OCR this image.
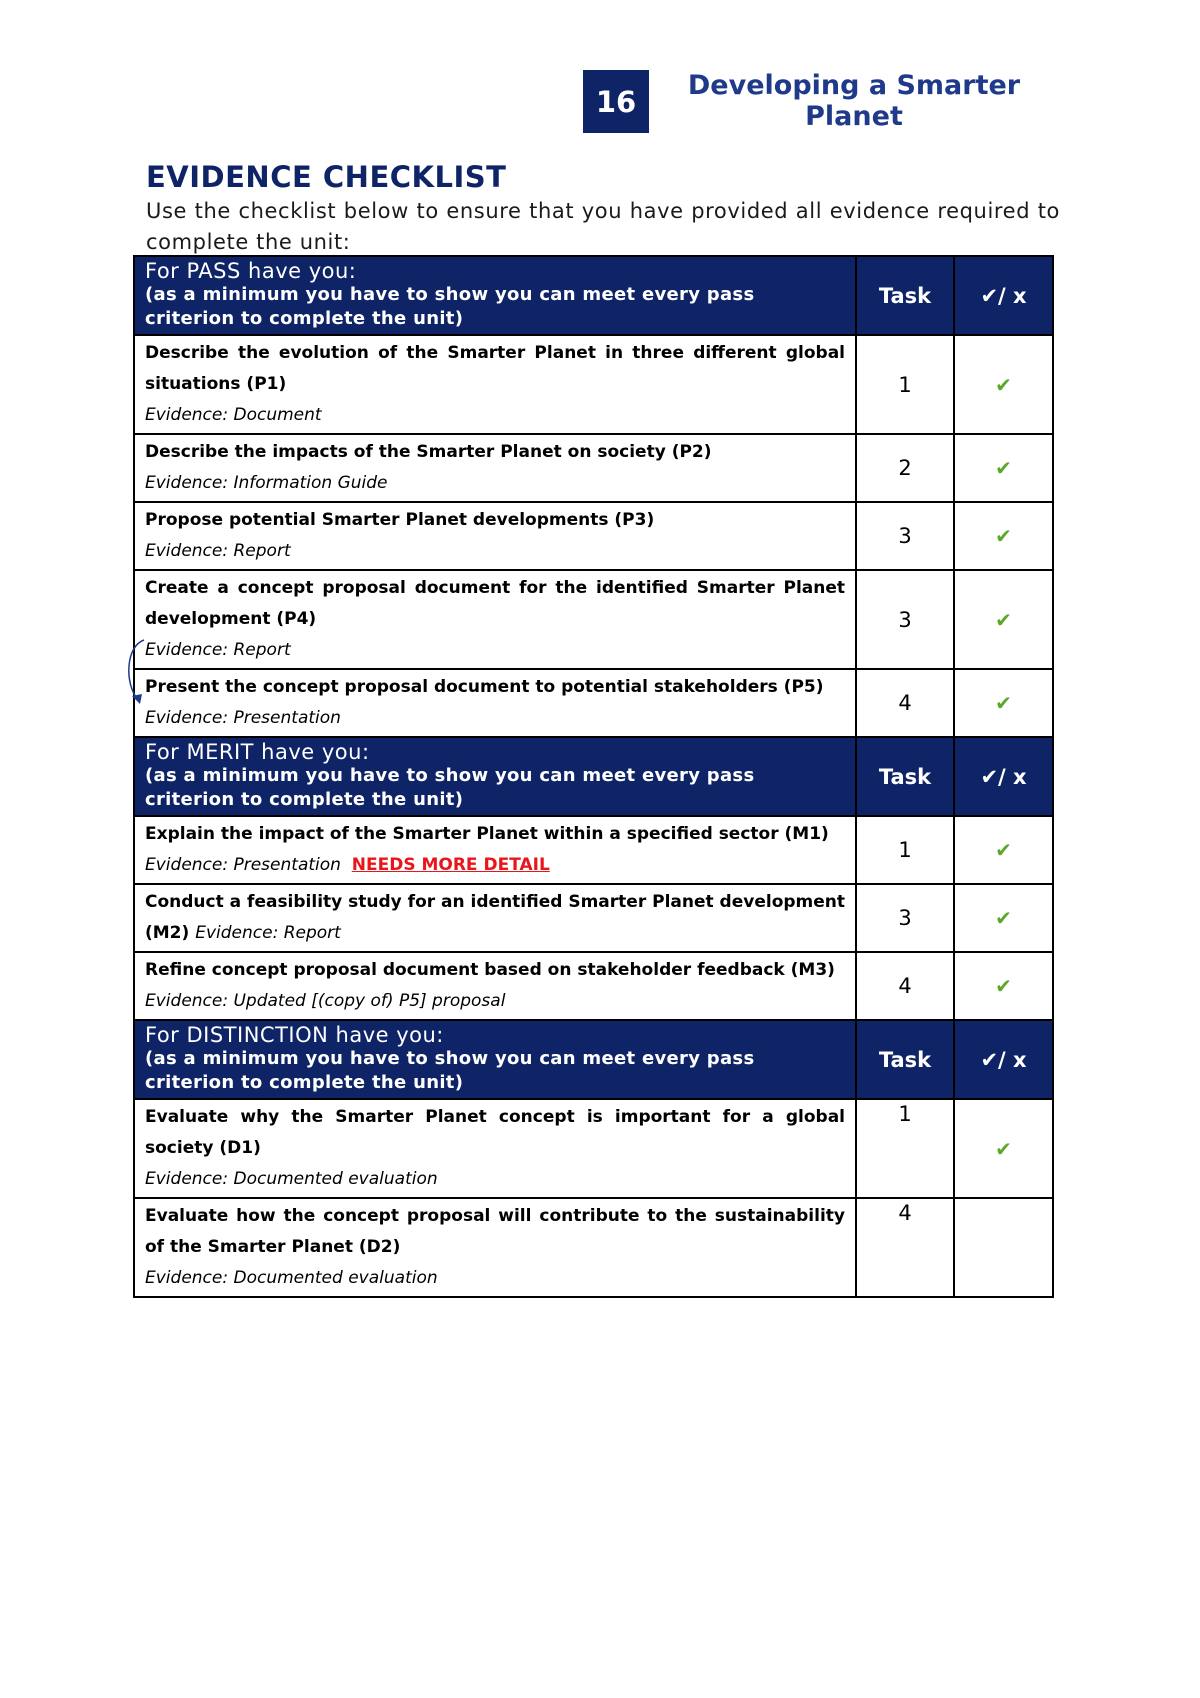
16	Developing a Smarter Planet
EVIDENCE CHECKLIST
Use the checklist below to ensure that you have provided all evidence required to complete the unit:
For PASS have you:
(as a minimum you have to show you can meet every pass criterion to complete the unit)	Task	✔/ x

Describe the evolution of the Smarter Planet in three different global situations (P1)
Evidence: Document	1	✔

Describe the impacts of the Smarter Planet on society (P2)
Evidence: Information Guide	2	✔

Propose potential Smarter Planet developments (P3)
Evidence: Report	3	✔

Create a concept proposal document for the identified Smarter Planet development (P4)
Evidence: Report	3	✔

Present the concept proposal document to potential stakeholders (P5)
Evidence: Presentation	4	✔

For MERIT have you:
(as a minimum you have to show you can meet every pass criterion to complete the unit)	Task	✔/ x

Explain the impact of the Smarter Planet within a specified sector (M1)
Evidence: Presentation NEEDS MORE DETAIL	1	✔

Conduct a feasibility study for an identified Smarter Planet development (M2) Evidence: Report	3	✔

Refine concept proposal document based on stakeholder feedback (M3)
Evidence: Updated [(copy of) P5] proposal	4	✔

For DISTINCTION have you:
(as a minimum you have to show you can meet every pass criterion to complete the unit)	Task	✔/ x

Evaluate why the Smarter Planet concept is important for a global society (D1)
Evidence: Documented evaluation	1	✔

Evaluate how the concept proposal will contribute to the sustainability of the Smarter Planet (D2)
Evidence: Documented evaluation	4	
